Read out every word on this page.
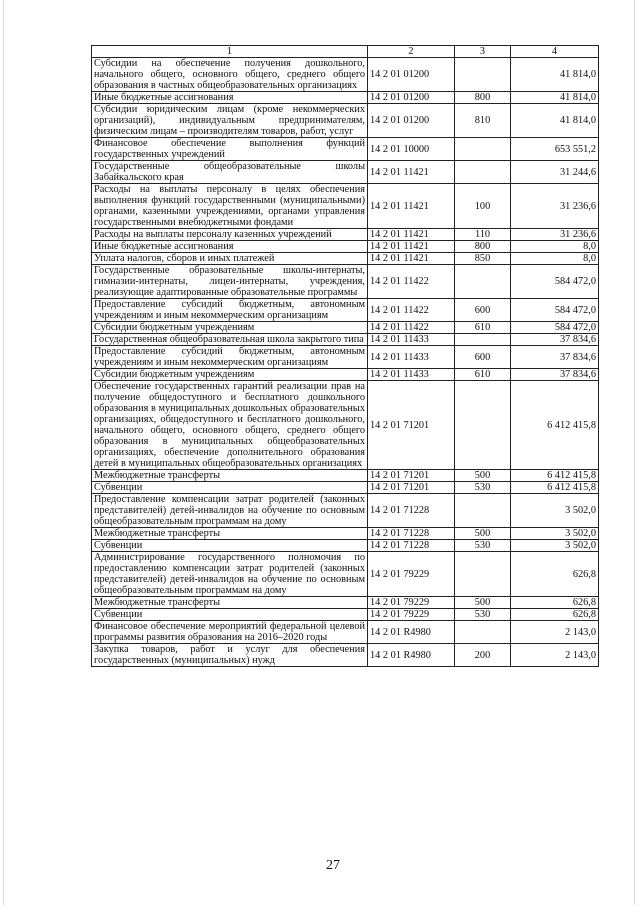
1	2	3	4
Субсидии на обеспечение получения дошкольного, начального общего, основного общего, среднего общего образования в частных общеобразовательных организациях	14 2 01 01200		41 814,0
Иные бюджетные ассигнования	14 2 01 01200	800	41 814,0
Субсидии юридическим лицам (кроме некоммерческих организаций), индивидуальным предпринимателям, физическим лицам – производителям товаров, работ, услуг	14 2 01 01200	810	41 814,0
Финансовое обеспечение выполнения функций государственных учреждений	14 2 01 10000		653 551,2
Государственные общеобразовательные школы Забайкальского края	14 2 01 11421		31 244,6
Расходы на выплаты персоналу в целях обеспечения выполнения функций государственными (муниципальными) органами, казенными учреждениями, органами управления государственными внебюджетными фондами	14 2 01 11421	100	31 236,6
Расходы на выплаты персоналу казенных учреждений	14 2 01 11421	110	31 236,6
Иные бюджетные ассигнования	14 2 01 11421	800	8,0
Уплата налогов, сборов и иных платежей	14 2 01 11421	850	8,0
Государственные образовательные школы-интернаты, гимназии-интернаты, лицеи-интернаты, учреждения, реализующие адаптированные образовательные программы	14 2 01 11422		584 472,0
Предоставление субсидий бюджетным, автономным учреждениям и иным некоммерческим организациям	14 2 01 11422	600	584 472,0
Субсидии бюджетным учреждениям	14 2 01 11422	610	584 472,0
Государственная общеобразовательная школа закрытого типа	14 2 01 11433		37 834,6
Предоставление субсидий бюджетным, автономным учреждениям и иным некоммерческим организациям	14 2 01 11433	600	37 834,6
Субсидии бюджетным учреждениям	14 2 01 11433	610	37 834,6
Обеспечение государственных гарантий реализации прав на получение общедоступного и бесплатного дошкольного образования в муниципальных дошкольных образовательных организациях, общедоступного и бесплатного дошкольного, начального общего, основного общего, среднего общего образования в муниципальных общеобразовательных организациях, обеспечение дополнительного образования детей в муниципальных общеобразовательных организациях	14 2 01 71201		6 412 415,8
Межбюджетные трансферты	14 2 01 71201	500	6 412 415,8
Субвенции	14 2 01 71201	530	6 412 415,8
Предоставление компенсации затрат родителей (законных представителей) детей-инвалидов на обучение по основным общеобразовательным программам на дому	14 2 01 71228		3 502,0
Межбюджетные трансферты	14 2 01 71228	500	3 502,0
Субвенции	14 2 01 71228	530	3 502,0
Администрирование государственного полномочия по предоставлению компенсации затрат родителей (законных представителей) детей-инвалидов на обучение по основным общеобразовательным программам на дому	14 2 01 79229		626,8
Межбюджетные трансферты	14 2 01 79229	500	626,8
Субвенции	14 2 01 79229	530	626,8
Финансовое обеспечение мероприятий федеральной целевой программы развития образования на 2016–2020 годы	14 2 01 R4980		2 143,0
Закупка товаров, работ и услуг для обеспечения государственных (муниципальных) нужд	14 2 01 R4980	200	2 143,0
27
